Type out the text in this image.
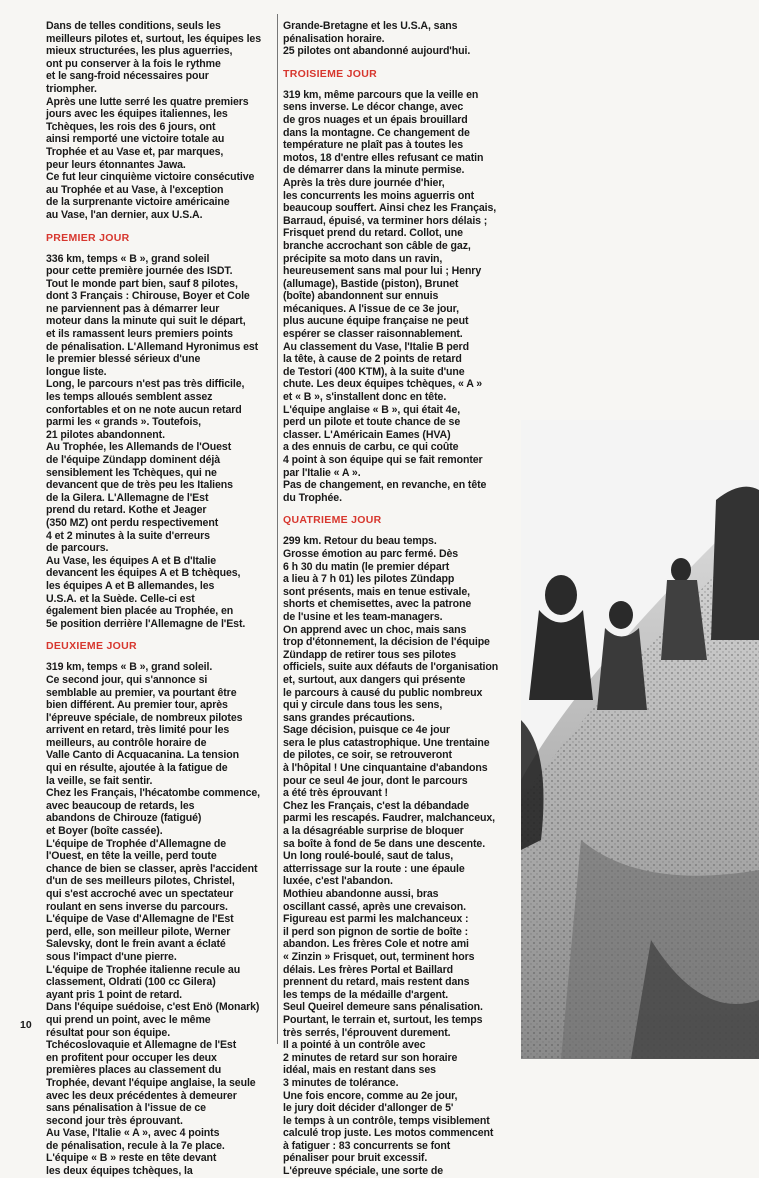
Dans de telles conditions, seuls les
meilleurs pilotes et, surtout, les équipes les
mieux structurées, les plus aguerries,
ont pu conserver à la fois le rythme
et le sang-froid nécessaires pour
triompher.
Après une lutte serré les quatre premiers
jours avec les équipes italiennes, les
Tchèques, les rois des 6 jours, ont
ainsi remporté une victoire totale au
Trophée et au Vase et, par marques,
peur leurs étonnantes Jawa.
Ce fut leur cinquième victoire consécutive
au Trophée et au Vase, à l'exception
de la surprenante victoire américaine
au Vase, l'an dernier, aux U.S.A.

PREMIER JOUR

336 km, temps « B », grand soleil
pour cette première journée des ISDT.
Tout le monde part bien, sauf 8 pilotes,
dont 3 Français : Chirouse, Boyer et Cole
ne parviennent pas à démarrer leur
moteur dans la minute qui suit le départ,
et ils ramassent leurs premiers points
de pénalisation. L'Allemand Hyronimus est
le premier blessé sérieux d'une
longue liste.
Long, le parcours n'est pas très difficile,
les temps alloués semblent assez
confortables et on ne note aucun retard
parmi les « grands ». Toutefois,
21 pilotes abandonnent.
Au Trophée, les Allemands de l'Ouest
de l'équipe Zündapp dominent déjà
sensiblement les Tchèques, qui ne
devancent que de très peu les Italiens
de la Gilera. L'Allemagne de l'Est
prend du retard. Kothe et Jeager
(350 MZ) ont perdu respectivement
4 et 2 minutes à la suite d'erreurs
de parcours.
Au Vase, les équipes A et B d'Italie
devancent les équipes A et B tchèques,
les équipes A et B allemandes, les
U.S.A. et la Suède. Celle-ci est
également bien placée au Trophée, en
5e position derrière l'Allemagne de l'Est.

DEUXIEME JOUR

319 km, temps « B », grand soleil.
Ce second jour, qui s'annonce si
semblable au premier, va pourtant être
bien différent. Au premier tour, après
l'épreuve spéciale, de nombreux pilotes
arrivent en retard, très limité pour les
meilleurs, au contrôle horaire de
Valle Canto di Acquacanina. La tension
qui en résulte, ajoutée à la fatigue de
la veille, se fait sentir.
Chez les Français, l'hécatombe commence,
avec beaucoup de retards, les
abandons de Chirouze (fatigué)
et Boyer (boîte cassée).
L'équipe de Trophée d'Allemagne de
l'Ouest, en tête la veille, perd toute
chance de bien se classer, après l'accident
d'un de ses meilleurs pilotes, Christel,
qui s'est accroché avec un spectateur
roulant en sens inverse du parcours.
L'équipe de Vase d'Allemagne de l'Est
perd, elle, son meilleur pilote, Werner
Salevsky, dont le frein avant a éclaté
sous l'impact d'une pierre.
L'équipe de Trophée italienne recule au
classement, Oldrati (100 cc Gilera)
ayant pris 1 point de retard.
Dans l'équipe suédoise, c'est Enö (Monark)
qui prend un point, avec le même
résultat pour son équipe.
Tchécoslovaquie et Allemagne de l'Est
en profitent pour occuper les deux
premières places au classement du
Trophée, devant l'équipe anglaise, la seule
avec les deux précédentes à demeurer
sans pénalisation à l'issue de ce
second jour très éprouvant.
Au Vase, l'Italie « A », avec 4 points
de pénalisation, recule à la 7e place.
L'équipe « B » reste en tête devant
les deux équipes tchèques, la

Grande-Bretagne et les U.S.A, sans
pénalisation horaire.
25 pilotes ont abandonné aujourd'hui.

TROISIEME JOUR

319 km, même parcours que la veille en
sens inverse. Le décor change, avec
de gros nuages et un épais brouillard
dans la montagne. Ce changement de
température ne plaît pas à toutes les
motos, 18 d'entre elles refusant ce matin
de démarrer dans la minute permise.
Après la très dure journée d'hier,
les concurrents les moins aguerris ont
beaucoup souffert. Ainsi chez les Français,
Barraud, épuisé, va terminer hors délais ;
Frisquet prend du retard. Collot, une
branche accrochant son câble de gaz,
précipite sa moto dans un ravin,
heureusement sans mal pour lui ; Henry
(allumage), Bastide (piston), Brunet
(boîte) abandonnent sur ennuis
mécaniques. A l'issue de ce 3e jour,
plus aucune équipe française ne peut
espérer se classer raisonnablement.
Au classement du Vase, l'Italie B perd
la tête, à cause de 2 points de retard
de Testori (400 KTM), à la suite d'une
chute. Les deux équipes tchèques, « A »
et « B », s'installent donc en tête.
L'équipe anglaise « B », qui était 4e,
perd un pilote et toute chance de se
classer. L'Américain Eames (HVA)
a des ennuis de carbu, ce qui coûte
4 point à son équipe qui se fait remonter
par l'Italie « A ».
Pas de changement, en revanche, en tête
du Trophée.

QUATRIEME JOUR

299 km. Retour du beau temps.
Grosse émotion au parc fermé. Dès
6 h 30 du matin (le premier départ
a lieu à 7 h 01) les pilotes Zündapp
sont présents, mais en tenue estivale,
shorts et chemisettes, avec la patrone
de l'usine et les team-managers.
On apprend avec un choc, mais sans
trop d'étonnement, la décision de l'équipe
Zündapp de retirer tous ses pilotes
officiels, suite aux défauts de l'organisation
et, surtout, aux dangers qui présente
le parcours à causé du public nombreux
qui y circule dans tous les sens,
sans grandes précautions.
Sage décision, puisque ce 4e jour
sera le plus catastrophique. Une trentaine
de pilotes, ce soir, se retrouveront
à l'hôpital ! Une cinquantaine d'abandons
pour ce seul 4e jour, dont le parcours
a été très éprouvant !
Chez les Français, c'est la débandade
parmi les rescapés. Faudrer, malchanceux,
a la désagréable surprise de bloquer
sa boîte à fond de 5e dans une descente.
Un long roulé-boulé, saut de talus,
atterrissage sur la route : une épaule
luxée, c'est l'abandon.
Mothieu abandonne aussi, bras
oscillant cassé, après une crevaison.
Figureau est parmi les malchanceux :
il perd son pignon de sortie de boîte :
abandon. Les frères Cole et notre ami
« Zinzin » Frisquet, out, terminent hors
délais. Les frères Portal et Baillard
prennent du retard, mais restent dans
les temps de la médaille d'argent.
Seul Queirel demeure sans pénalisation.
Pourtant, le terrain et, surtout, les temps
très serrés, l'éprouvent durement.
Il a pointé à un contrôle avec
2 minutes de retard sur son horaire
idéal, mais en restant dans ses
3 minutes de tolérance.
Une fois encore, comme au 2e jour,
le jury doit décider d'allonger de 5'
le temps à un contrôle, temps visiblement
calculé trop juste. Les motos commencent
à fatiguer : 83 concurrents se font
pénaliser pour bruit excessif.
L'épreuve spéciale, une sorte de

10
